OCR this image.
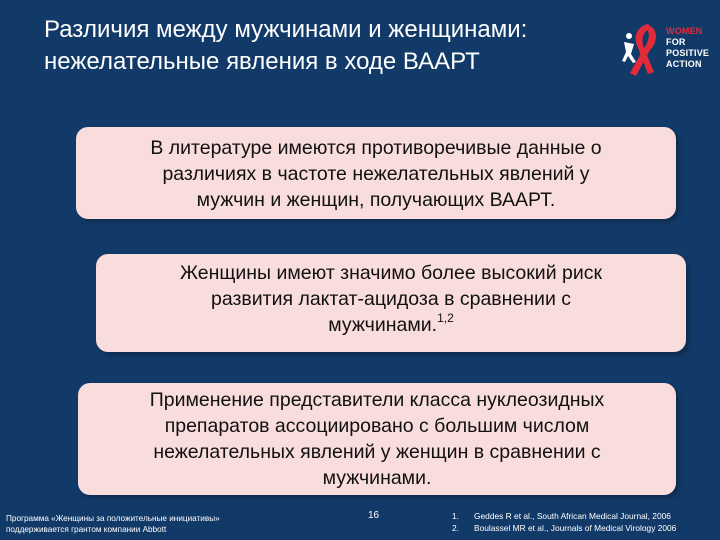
Различия между мужчинами и женщинами:
нежелательные явления в ходе ВААРТ
WOMEN
FOR
POSITIVE
ACTION
В литературе имеются противоречивые данные о
различиях в частоте нежелательных явлений у
мужчин и женщин, получающих ВААРТ.
Женщины имеют значимо более высокий риск
развития лактат-ацидоза в сравнении с
мужчинами.$^{1,2}$
Применение представители класса нуклеозидных
препаратов ассоциировано с большим числом
нежелательных явлений у женщин в сравнении с
мужчинами.
Программа «Женщины за положительные инициативы»
поддерживается грантом компании Abbott
16	1. Geddes R et al., South African Medical Journal, 2006
2. Boulassel MR et al., Journals of Medical Virology 2006
